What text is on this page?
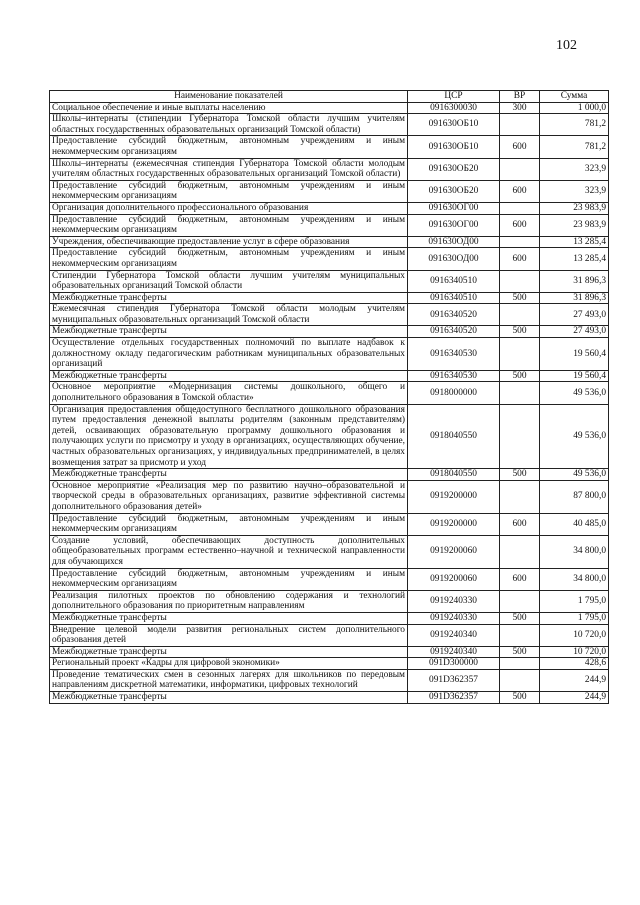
102
Наименование показателей	ЦСР	ВР	Сумма
Социальное обеспечение и иные выплаты населению	0916300030	300	1 000,0
Школы–интернаты (стипендии Губернатора Томской области лучшим учителям областных государственных образовательных организаций Томской области)	091630ОБ10		781,2
Предоставление субсидий бюджетным, автономным учреждениям и иным некоммерческим организациям	091630ОБ10	600	781,2
Школы–интернаты (ежемесячная стипендия Губернатора Томской области молодым учителям областных государственных образовательных организаций Томской области)	091630ОБ20		323,9
Предоставление субсидий бюджетным, автономным учреждениям и иным некоммерческим организациям	091630ОБ20	600	323,9
Организация дополнительного профессионального образования	091630ОГ00		23 983,9
Предоставление субсидий бюджетным, автономным учреждениям и иным некоммерческим организациям	091630ОГ00	600	23 983,9
Учреждения, обеспечивающие предоставление услуг в сфере образования	091630ОД00		13 285,4
Предоставление субсидий бюджетным, автономным учреждениям и иным некоммерческим организациям	091630ОД00	600	13 285,4
Стипендии Губернатора Томской области лучшим учителям муниципальных образовательных организаций Томской области	0916340510		31 896,3
Межбюджетные трансферты	0916340510	500	31 896,3
Ежемесячная стипендия Губернатора Томской области молодым учителям муниципальных образовательных организаций Томской области	0916340520		27 493,0
Межбюджетные трансферты	0916340520	500	27 493,0
Осуществление отдельных государственных полномочий по выплате надбавок к должностному окладу педагогическим работникам муниципальных образовательных организаций	0916340530		19 560,4
Межбюджетные трансферты	0916340530	500	19 560,4
Основное мероприятие «Модернизация системы дошкольного, общего и дополнительного образования в Томской области»	0918000000		49 536,0
Организация предоставления общедоступного бесплатного дошкольного образования путем предоставления денежной выплаты родителям (законным представителям) детей, осваивающих образовательную программу дошкольного образования и получающих услуги по присмотру и уходу в организациях, осуществляющих обучение, частных образовательных организациях, у индивидуальных предпринимателей, в целях возмещения затрат за присмотр и уход	0918040550		49 536,0
Межбюджетные трансферты	0918040550	500	49 536,0
Основное мероприятие «Реализация мер по развитию научно–образовательной и творческой среды в образовательных организациях, развитие эффективной системы дополнительного образования детей»	0919200000		87 800,0
Предоставление субсидий бюджетным, автономным учреждениям и иным некоммерческим организациям	0919200000	600	40 485,0
Создание условий, обеспечивающих доступность дополнительных общеобразовательных программ естественно–научной и технической направленности для обучающихся	0919200060		34 800,0
Предоставление субсидий бюджетным, автономным учреждениям и иным некоммерческим организациям	0919200060	600	34 800,0
Реализация пилотных проектов по обновлению содержания и технологий дополнительного образования по приоритетным направлениям	0919240330		1 795,0
Межбюджетные трансферты	0919240330	500	1 795,0
Внедрение целевой модели развития региональных систем дополнительного образования детей	0919240340		10 720,0
Межбюджетные трансферты	0919240340	500	10 720,0
Региональный проект «Кадры для цифровой экономики»	091D300000		428,6
Проведение тематических смен в сезонных лагерях для школьников по передовым направлениям дискретной математики, информатики, цифровых технологий	091D362357		244,9
Межбюджетные трансферты	091D362357	500	244,9
